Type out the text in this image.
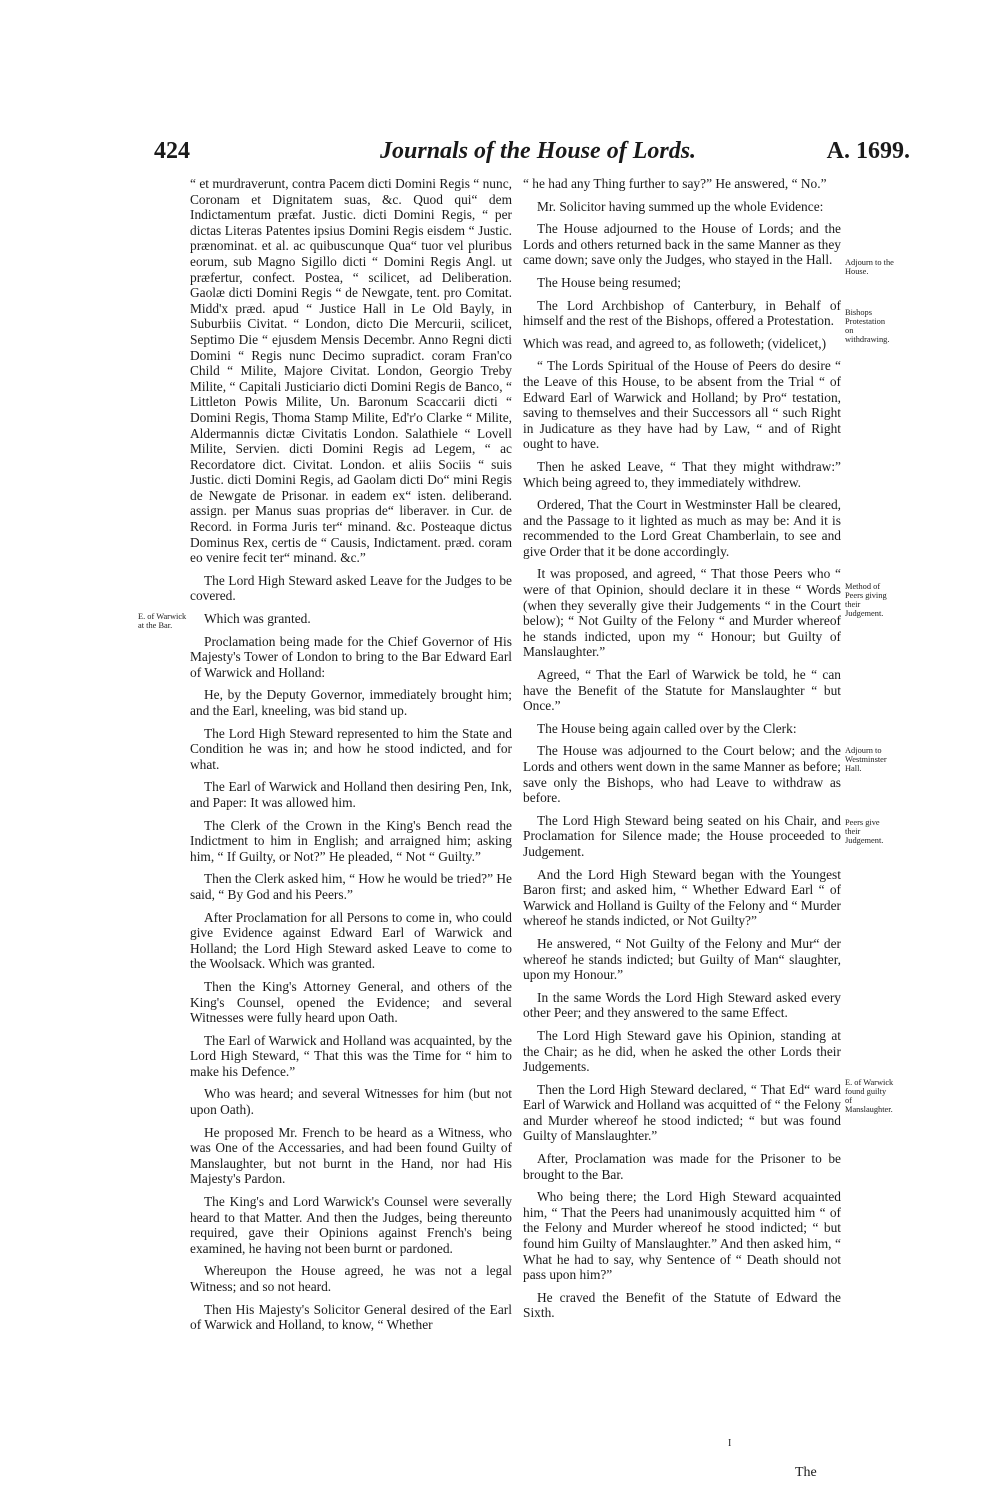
424	Journals of the House of Lords.	A. 1699.

“ et murdraverunt, contra Pacem dicti Domini Regis “ nunc, Coronam et Dignitatem suas, &c. Quod qui“ dem Indictamentum præfat. Justic. dicti Domini Regis, “ per dictas Literas Patentes ipsius Domini Regis eisdem “ Justic. prænominat. et al. ac quibuscunque Qua“ tuor vel pluribus eorum, sub Magno Sigillo dicti “ Domini Regis Angl. ut præfertur, confect. Postea, “ scilicet, ad Deliberation. Gaolæ dicti Domini Regis “ de Newgate, tent. pro Comitat. Midd'x præd. apud “ Justice Hall in Le Old Bayly, in Suburbiis Civitat. “ London, dicto Die Mercurii, scilicet, Septimo Die “ ejusdem Mensis Decembr. Anno Regni dicti Domini “ Regis nunc Decimo supradict. coram Fran'co Child “ Milite, Majore Civitat. London, Georgio Treby Milite, “ Capitali Justiciario dicti Domini Regis de Banco, “ Littleton Powis Milite, Un. Baronum Scaccarii dicti “ Domini Regis, Thoma Stamp Milite, Ed'r'o Clarke “ Milite, Aldermannis dictæ Civitatis London. Salathiele “ Lovell Milite, Servien. dicti Domini Regis ad Legem, “ ac Recordatore dict. Civitat. London. et aliis Sociis “ suis Justic. dicti Domini Regis, ad Gaolam dicti Do“ mini Regis de Newgate de Prisonar. in eadem ex“ isten. deliberand. assign. per Manus suas proprias de“ liberaver. in Cur. de Record. in Forma Juris ter“ minand. &c. Posteaque dictus Dominus Rex, certis de “ Causis, Indictament. præd. coram eo venire fecit ter“ minand. &c.”

The Lord High Steward asked Leave for the Judges to be covered.

Which was granted.

Proclamation being made for the Chief Governor of His Majesty's Tower of London to bring to the Bar Edward Earl of Warwick and Holland:

He, by the Deputy Governor, immediately brought him; and the Earl, kneeling, was bid stand up.

The Lord High Steward represented to him the State and Condition he was in; and how he stood indicted, and for what.

The Earl of Warwick and Holland then desiring Pen, Ink, and Paper: It was allowed him.

The Clerk of the Crown in the King's Bench read the Indictment to him in English; and arraigned him; asking him, “ If Guilty, or Not?” He pleaded, “ Not “ Guilty.”

Then the Clerk asked him, “ How he would be tried?” He said, “ By God and his Peers.”

After Proclamation for all Persons to come in, who could give Evidence against Edward Earl of Warwick and Holland; the Lord High Steward asked Leave to come to the Woolsack. Which was granted.

Then the King's Attorney General, and others of the King's Counsel, opened the Evidence; and several Witnesses were fully heard upon Oath.

The Earl of Warwick and Holland was acquainted, by the Lord High Steward, “ That this was the Time for “ him to make his Defence.”

Who was heard; and several Witnesses for him (but not upon Oath).

He proposed Mr. French to be heard as a Witness, who was One of the Accessaries, and had been found Guilty of Manslaughter, but not burnt in the Hand, nor had His Majesty's Pardon.

The King's and Lord Warwick's Counsel were severally heard to that Matter. And then the Judges, being thereunto required, gave their Opinions against French's being examined, he having not been burnt or pardoned.

Whereupon the House agreed, he was not a legal Witness; and so not heard.

Then His Majesty's Solicitor General desired of the Earl of Warwick and Holland, to know, “ Whether

“ he had any Thing further to say?” He answered, “ No.”

Mr. Solicitor having summed up the whole Evidence:

The House adjourned to the House of Lords; and the Lords and others returned back in the same Manner as they came down; save only the Judges, who stayed in the Hall.

The House being resumed;

The Lord Archbishop of Canterbury, in Behalf of himself and the rest of the Bishops, offered a Protestation.

Which was read, and agreed to, as followeth; (videlicet,)

“ The Lords Spiritual of the House of Peers do desire “ the Leave of this House, to be absent from the Trial “ of Edward Earl of Warwick and Holland; by Pro“ testation, saving to themselves and their Successors all “ such Right in Judicature as they have had by Law, “ and of Right ought to have.

Then he asked Leave, “ That they might withdraw:” Which being agreed to, they immediately withdrew.

Ordered, That the Court in Westminster Hall be cleared, and the Passage to it lighted as much as may be: And it is recommended to the Lord Great Chamberlain, to see and give Order that it be done accordingly.

It was proposed, and agreed, “ That those Peers who “ were of that Opinion, should declare it in these “ Words (when they severally give their Judgements “ in the Court below); “ Not Guilty of the Felony “ and Murder whereof he stands indicted, upon my “ Honour; but Guilty of Manslaughter.”

Agreed, “ That the Earl of Warwick be told, he “ can have the Benefit of the Statute for Manslaughter “ but Once.”

The House being again called over by the Clerk:

The House was adjourned to the Court below; and the Lords and others went down in the same Manner as before; save only the Bishops, who had Leave to withdraw as before.

The Lord High Steward being seated on his Chair, and Proclamation for Silence made; the House proceeded to Judgement.

And the Lord High Steward began with the Youngest Baron first; and asked him, “ Whether Edward Earl “ of Warwick and Holland is Guilty of the Felony and “ Murder whereof he stands indicted, or Not Guilty?”

He answered, “ Not Guilty of the Felony and Mur“ der whereof he stands indicted; but Guilty of Man“ slaughter, upon my Honour.”

In the same Words the Lord High Steward asked every other Peer; and they answered to the same Effect.

The Lord High Steward gave his Opinion, standing at the Chair; as he did, when he asked the other Lords their Judgements.

Then the Lord High Steward declared, “ That Ed“ ward Earl of Warwick and Holland was acquitted of “ the Felony and Murder whereof he stood indicted; “ but was found Guilty of Manslaughter.”

After, Proclamation was made for the Prisoner to be brought to the Bar.

Who being there; the Lord High Steward acquainted him, “ That the Peers had unanimously acquitted him “ of the Felony and Murder whereof he stood indicted; “ but found him Guilty of Manslaughter.” And then asked him, “ What he had to say, why Sentence of “ Death should not pass upon him?”

He craved the Benefit of the Statute of Edward the Sixth.

E. of Warwick at the Bar.
Adjourn to the House.
Bishops Protestation on withdrawing.
Method of Peers giving their Judgement.
Adjourn to Westminster Hall.
Peers give their Judgement.
E. of Warwick found guilty of Manslaughter.
I
The
